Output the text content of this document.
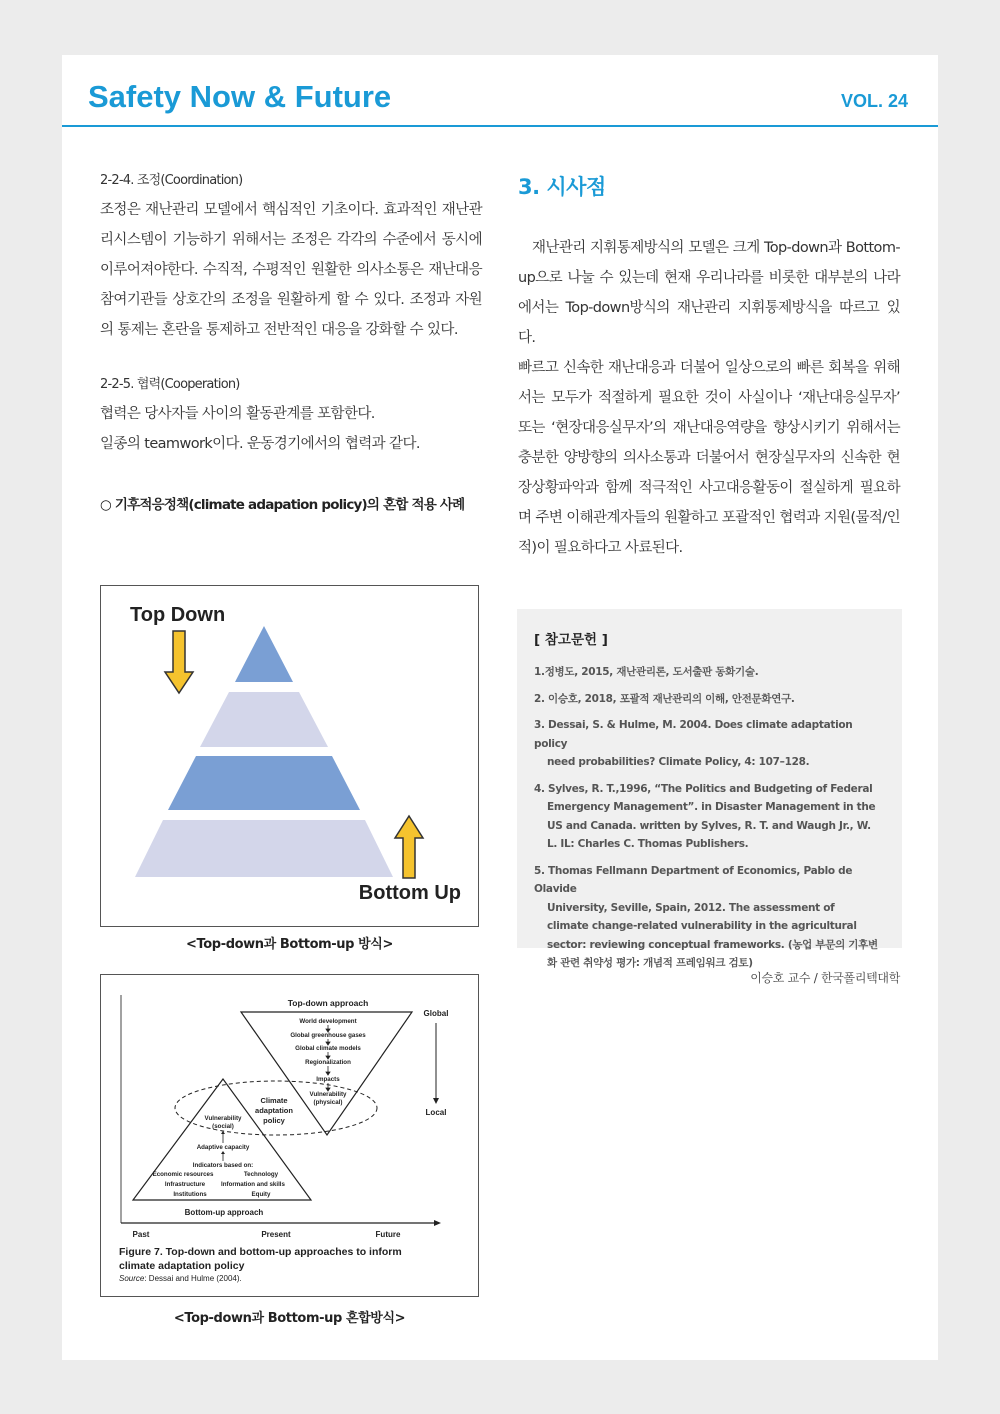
Safety Now & Future	VOL. 24

2-2-4. 조정(Coordination)

조정은 재난관리 모델에서 핵심적인 기초이다. 효과적인 재난관리시스템이 기능하기 위해서는 조정은 각각의 수준에서 동시에 이루어져야한다. 수직적, 수평적인 원활한 의사소통은 재난대응 참여기관들 상호간의 조정을 원활하게 할 수 있다. 조정과 자원의 통제는 혼란을 통제하고 전반적인 대응을 강화할 수 있다.

2-2-5. 협력(Cooperation)

협력은 당사자들 사이의 활동관계를 포함한다.

일종의 teamwork이다. 운동경기에서의 협력과 같다.

○ 기후적응정책(climate adapation policy)의 혼합 적용 사례

Top Down
Bottom Up
<Top-down과 Bottom-up 방식>
Top-down approach
World development
Global greenhouse gases
Global climate models
Regionalization
Impacts
Vulnerability
(physical)
Climate
adaptation
policy
Vulnerability
(social)
Adaptive capacity
Indicators based on:
Economic resources	Technology
Infrastructure	Information and skills
Institutions	Equity
Bottom-up approach
Global
Local
Past	Present	Future
Figure 7. Top-down and bottom-up approaches to inform
climate adaptation policy
Source: Dessai and Hulme (2004).
<Top-down과 Bottom-up 혼합방식>

3. 시사점

재난관리 지휘통제방식의 모델은 크게 Top-down과 Bottom-up으로 나눌 수 있는데 현재 우리나라를 비롯한 대부분의 나라에서는 Top-down방식의 재난관리 지휘통제방식을 따르고 있다.

빠르고 신속한 재난대응과 더불어 일상으로의 빠른 회복을 위해서는 모두가 적절하게 필요한 것이 사실이나 ‘재난대응실무자’ 또는 ‘현장대응실무자’의 재난대응역량을 향상시키기 위해서는 충분한 양방향의 의사소통과 더불어서 현장실무자의 신속한 현장상황파악과 함께 적극적인 사고대응활동이 절실하게 필요하며 주변 이해관계자들의 원활하고 포괄적인 협력과 지원(물적/인적)이 필요하다고 사료된다.

[ 참고문헌 ]
1.정병도, 2015, 재난관리론, 도서출판 동화기술.
2. 이승호, 2018, 포괄적 재난관리의 이해, 안전문화연구.
3. Dessai, S. & Hulme, M. 2004. Does climate adaptation policy
need probabilities? Climate Policy, 4: 107–128.
4. Sylves, R. T.,1996, “The Politics and Budgeting of Federal
Emergency Management”. in Disaster Management in the US and Canada. written by Sylves, R. T. and Waugh Jr., W. L. IL: Charles C. Thomas Publishers.
5. Thomas Fellmann Department of Economics, Pablo de Olavide
University, Seville, Spain, 2012. The assessment of climate change-related vulnerability in the agricultural sector: reviewing conceptual frameworks. (농업 부문의 기후변화 관련 취약성 평가: 개념적 프레임워크 검토)
이승호 교수 / 한국폴리텍대학
